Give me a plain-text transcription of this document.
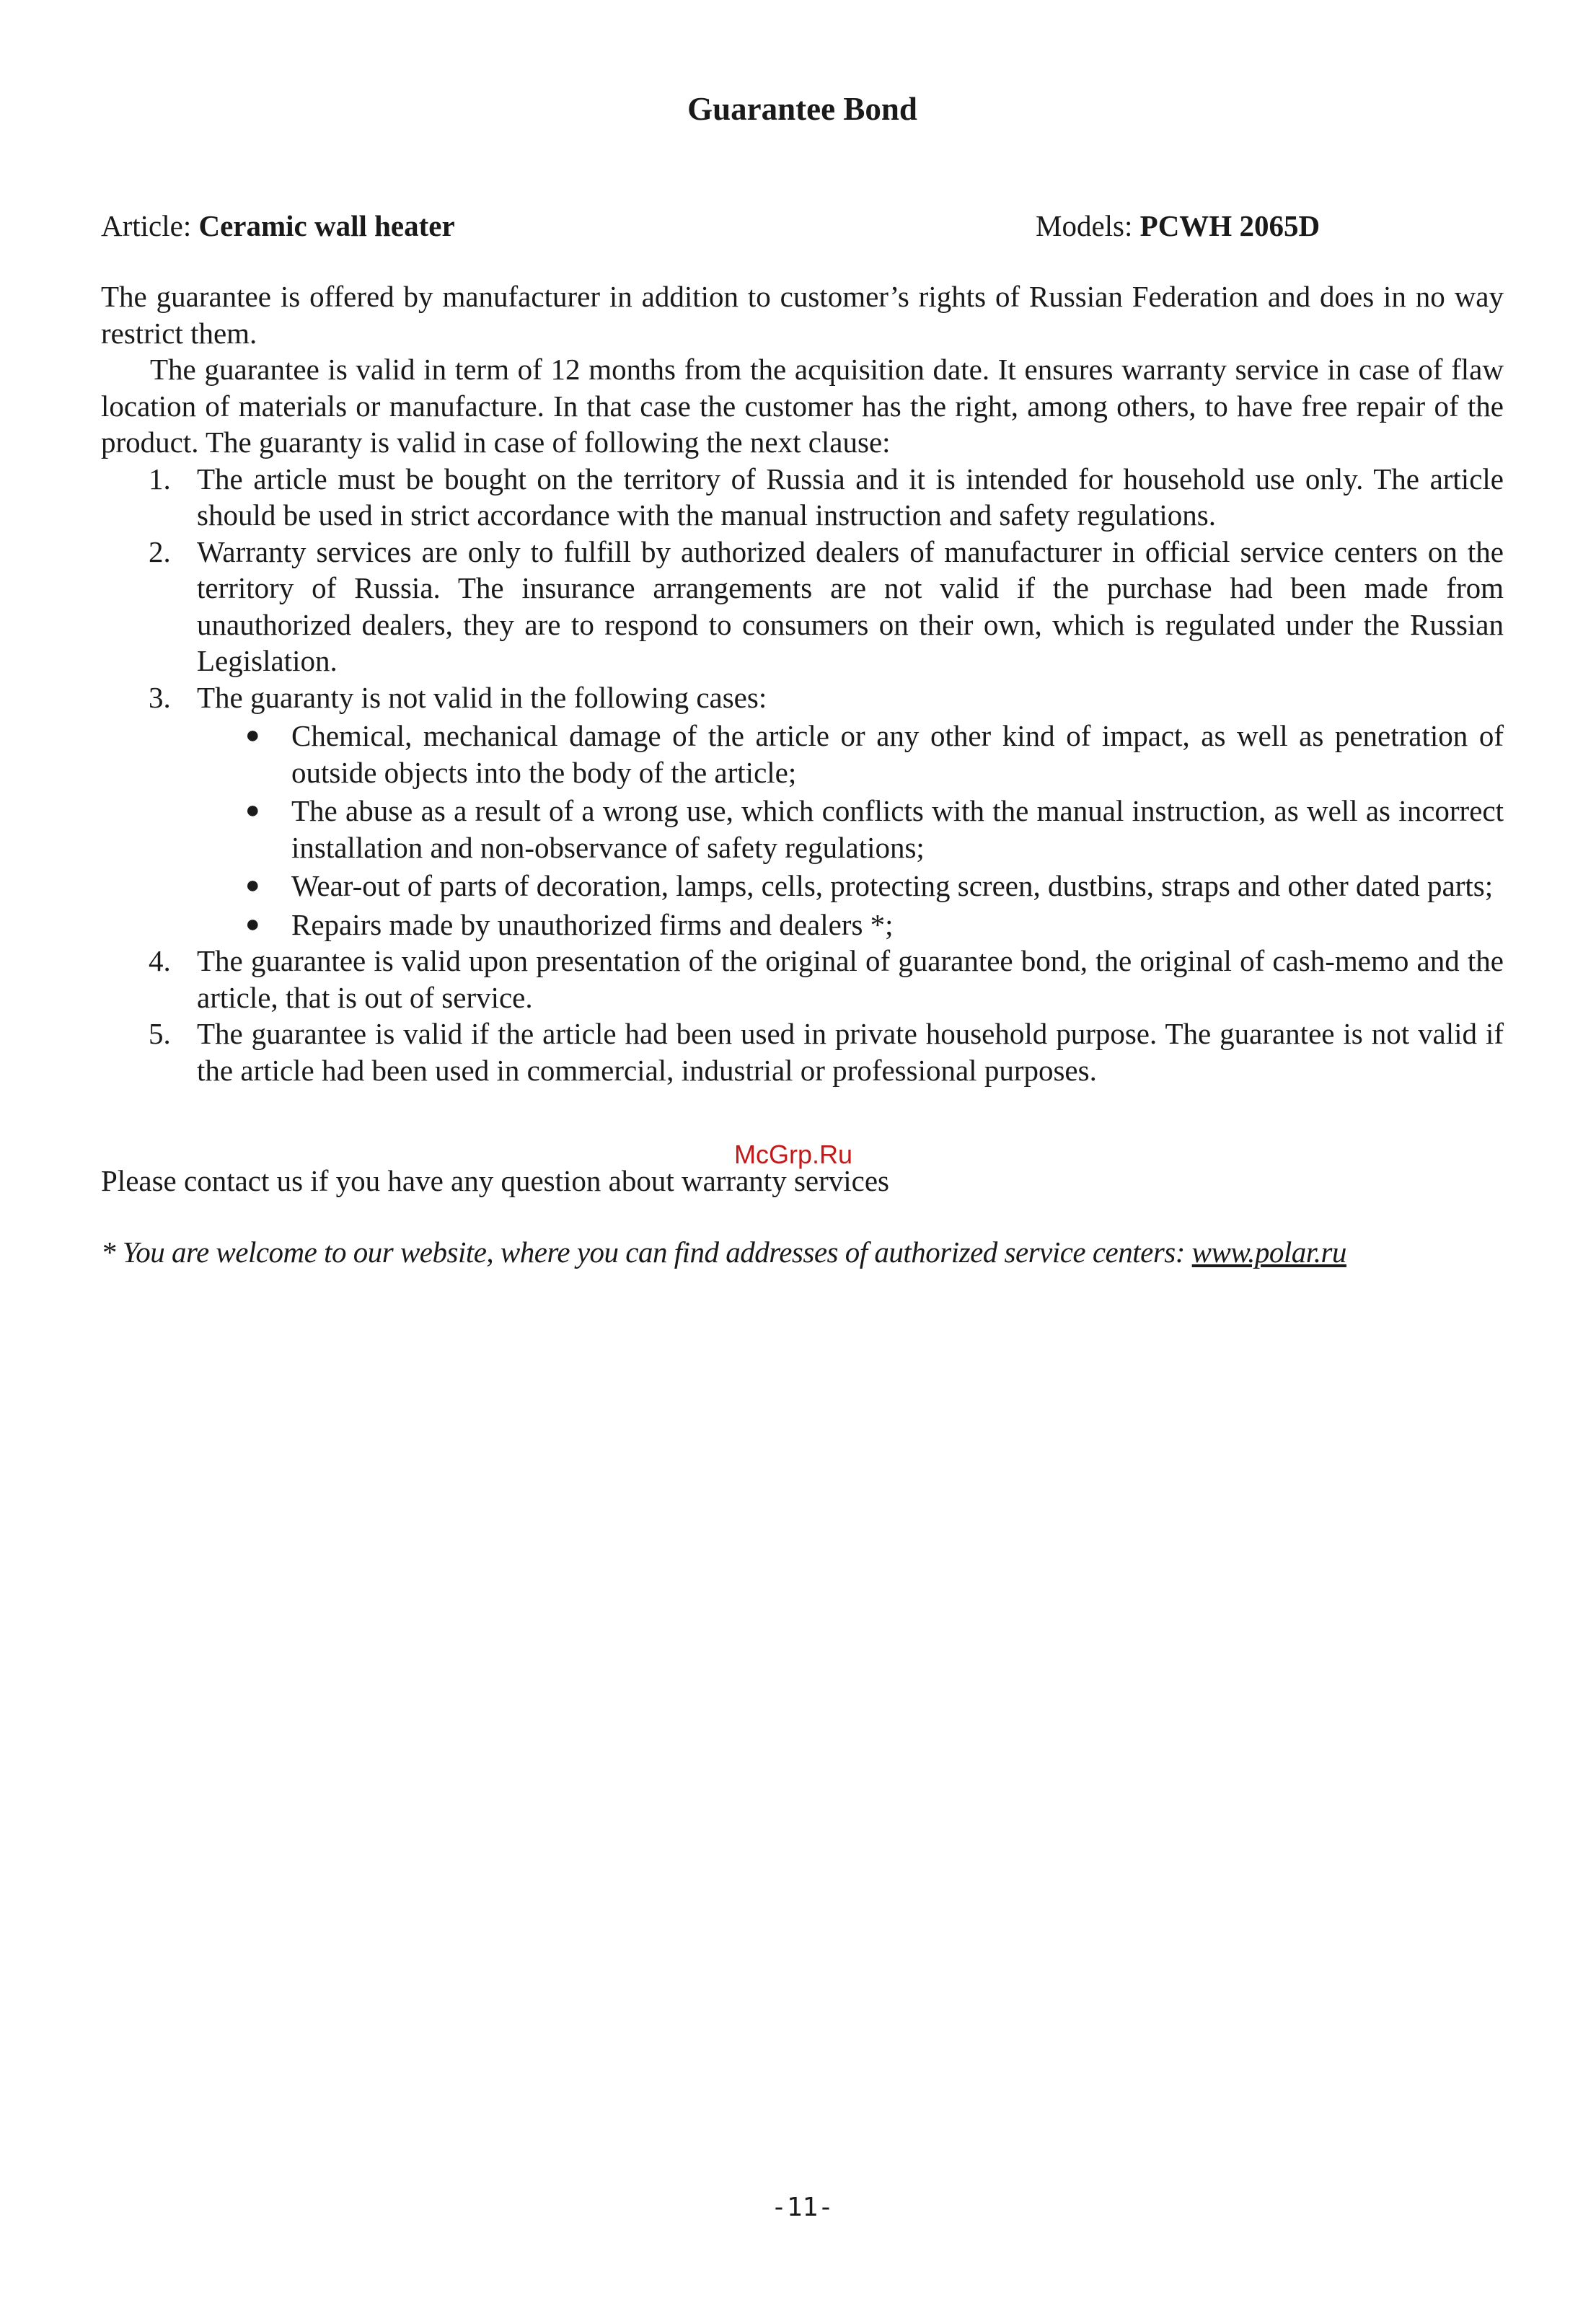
Guarantee Bond
Article: Ceramic wall heater	Models: PCWH 2065D

The guarantee is offered by manufacturer in addition to customer’s rights of Russian Federation and does in no way restrict them.

The guarantee is valid in term of 12 months from the acquisition date. It ensures warranty service in case of flaw location of materials or manufacture. In that case the customer has the right, among others, to have free repair of the product. The guaranty is valid in case of following the next clause:

1. The article must be bought on the territory of Russia and it is intended for household use only. The article should be used in strict accordance with the manual instruction and safety regulations.
2. Warranty services are only to fulfill by authorized dealers of manufacturer in official service centers on the territory of Russia. The insurance arrangements are not valid if the purchase had been made from unauthorized dealers, they are to respond to consumers on their own, which is regulated under the Russian Legislation.
3. The guaranty is not valid in the following cases:
●	Chemical, mechanical damage of the article or any other kind of impact, as well as penetration of outside objects into the body of the article;
●	The abuse as a result of a wrong use, which conflicts with the manual instruction, as well as incorrect installation and non-observance of safety regulations;
●	Wear-out of parts of decoration, lamps, cells, protecting screen, dustbins, straps and other dated parts;
●	Repairs made by unauthorized firms and dealers *;
4. The guarantee is valid upon presentation of the original of guarantee bond, the original of cash-memo and the article, that is out of service.
5. The guarantee is valid if the article had been used in private household purpose. The guarantee is not valid if the article had been used in commercial, industrial or professional purposes.
McGrp.Ru
Please contact us if you have any question about warranty services
* You are welcome to our website, where you can find addresses of authorized service centers: www.polar.ru
-11-
